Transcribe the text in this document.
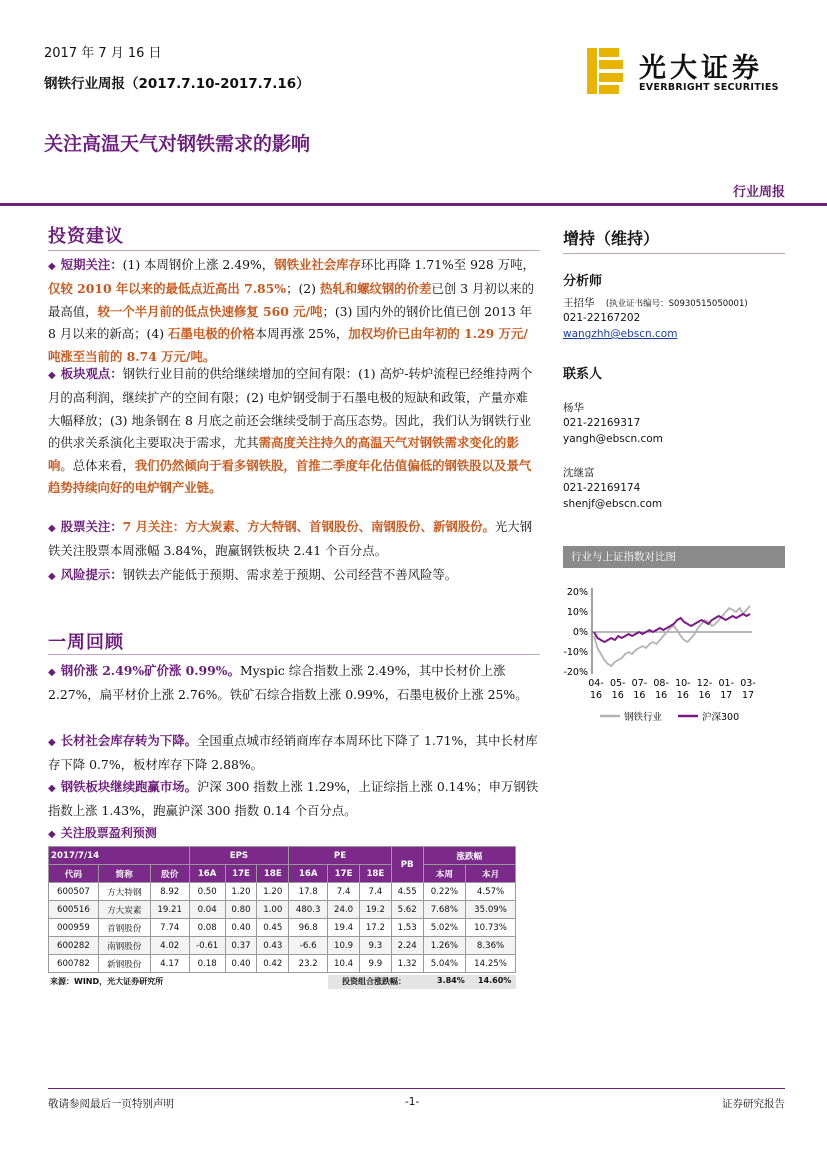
2017 年 7 月 16 日
钢铁行业周报（2017.7.10-2017.7.16）	光大证券
EVERBRIGHT SECURITIES
关注高温天气对钢铁需求的影响
行业周报
投资建议
◆ 短期关注：(1) 本周钢价上涨 2.49%，钢铁业社会库存环比再降 1.71%至 928 万吨，仅较 2010 年以来的最低点近高出 7.85%；(2) 热轧和螺纹钢的价差已创 3 月初以来的最高值，较一个半月前的低点快速修复 560 元/吨；(3) 国内外的钢价比值已创 2013 年 8 月以来的新高；(4) 石墨电极的价格本周再涨 25%，加权均价已由年初的 1.29 万元/吨涨至当前的 8.74 万元/吨。
◆ 板块观点：钢铁行业目前的供给继续增加的空间有限：(1) 高炉-转炉流程已经维持两个月的高利润，继续扩产的空间有限；(2) 电炉钢受制于石墨电极的短缺和政策，产量亦难大幅释放；(3) 地条钢在 8 月底之前还会继续受制于高压态势。因此，我们认为钢铁行业的供求关系演化主要取决于需求，尤其需高度关注持久的高温天气对钢铁需求变化的影响。总体来看，我们仍然倾向于看多钢铁股，首推二季度年化估值偏低的钢铁股以及景气趋势持续向好的电炉钢产业链。
◆ 股票关注：7 月关注：方大炭素、方大特钢、首钢股份、南钢股份、新钢股份。光大钢铁关注股票本周涨幅 3.84%，跑赢钢铁板块 2.41 个百分点。
◆ 风险提示：钢铁去产能低于预期、需求差于预期、公司经营不善风险等。
一周回顾
◆ 钢价涨 2.49%矿价涨 0.99%。Myspic 综合指数上涨 2.49%，其中长材价上涨 2.27%，扁平材价上涨 2.76%。铁矿石综合指数上涨 0.99%，石墨电极价上涨 25%。
◆ 长材社会库存转为下降。全国重点城市经销商库存本周环比下降了 1.71%，其中长材库存下降 0.7%，板材库存下降 2.88%。
◆ 钢铁板块继续跑赢市场。沪深 300 指数上涨 1.29%，上证综指上涨 0.14%；申万钢铁指数上涨 1.43%，跑赢沪深 300 指数 0.14 个百分点。
◆ 关注股票盈利预测
2017/7/14			EPS			PE			PB	涨跌幅	
代码	简称	股价	16A	17E	18E	16A	17E	18E		本周	本月
600507	方大特钢	8.92	0.50	1.20	1.20	17.8	7.4	7.4	4.55	0.22%	4.57%
600516	方大炭素	19.21	0.04	0.80	1.00	480.3	24.0	19.2	5.62	7.68%	35.09%
000959	首钢股份	7.74	0.08	0.40	0.45	96.8	19.4	17.2	1.53	5.02%	10.73%
600282	南钢股份	4.02	-0.61	0.37	0.43	-6.6	10.9	9.3	2.24	1.26%	8.36%
600782	新钢股份	4.17	0.18	0.40	0.42	23.2	10.4	9.9	1.32	5.04%	14.25%
来源：WIND，光大证券研究所	投资组合涨跌幅：	3.84% 14.60%
增持（维持）
分析师
王招华 (执业证书编号：S0930515050001)
021-22167202
wangzhh@ebscn.com
联系人
杨华
021-22169317
yangh@ebscn.com
沈继富
021-22169174
shenjf@ebscn.com
行业与上证指数对比图
20%
10%
0%
-10%
-20%
04-
16
05-
16
07-
16
08-
16
10-
16
12-
16
01-
17
03-
17
钢铁行业	沪深300
敬请参阅最后一页特别声明	-1-	证券研究报告
